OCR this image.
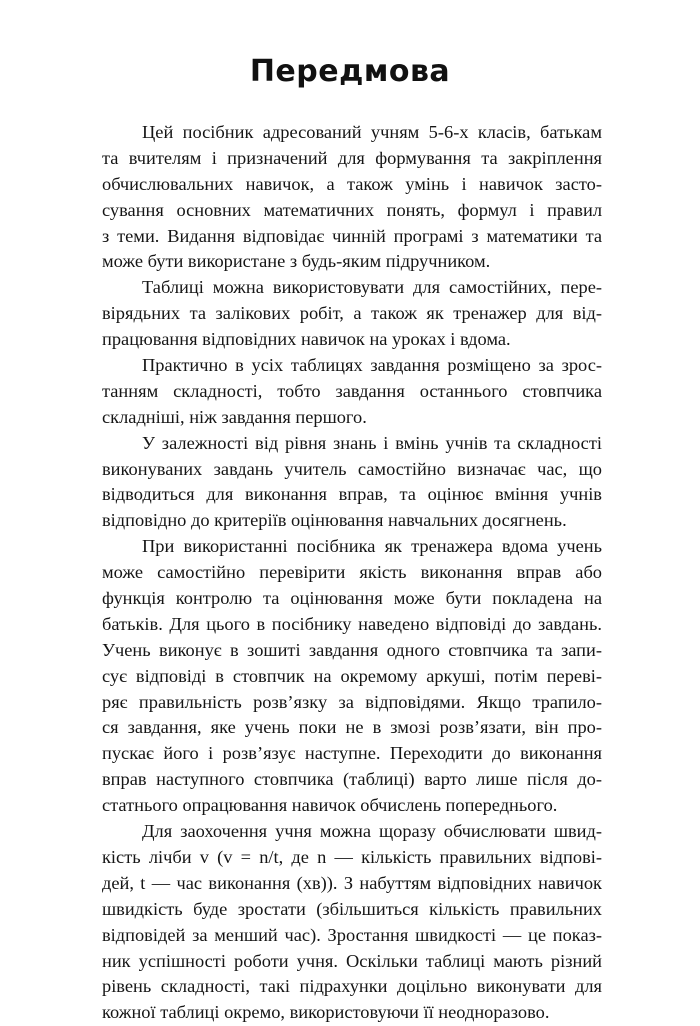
Передмова

Цей посібник адресований учням 5-6-х класів, батькам
та вчителям і призначений для формування та закріплення
обчислювальних навичок, а також умінь і навичок засто-
сування основних математичних понять, формул і правил
з теми. Видання відповідає чинній програмі з математики та
може бути використане з будь-яким підручником.

Таблиці можна використовувати для самостійних, пере-
вірядьних та залікових робіт, а також як тренажер для від-
працювання відповідних навичок на уроках і вдома.

Практично в усіх таблицях завдання розміщено за зрос-
танням складності, тобто завдання останнього стовпчика
складніші, ніж завдання першого.

У залежності від рівня знань і вмінь учнів та складності
виконуваних завдань учитель самостійно визначає час, що
відводиться для виконання вправ, та оцінює вміння учнів
відповідно до критеріїв оцінювання навчальних досягнень.

При використанні посібника як тренажера вдома учень
може самостійно перевірити якість виконання вправ або
функція контролю та оцінювання може бути покладена на
батьків. Для цього в посібнику наведено відповіді до завдань.
Учень виконує в зошиті завдання одного стовпчика та запи-
сує відповіді в стовпчик на окремому аркуші, потім переві-
ряє правильність розв’язку за відповідями. Якщо трапило-
ся завдання, яке учень поки не в змозі розв’язати, він про-
пускає його і розв’язує наступне. Переходити до виконання
вправ наступного стовпчика (таблиці) варто лише після до-
статнього опрацювання навичок обчислень попереднього.

Для заохочення учня можна щоразу обчислювати швид-
кість лічби v (v = n/t, де n — кількість правильних відпові-
дей, t — час виконання (хв)). З набуттям відповідних навичок
швидкість буде зростати (збільшиться кількість правильних
відповідей за менший час). Зростання швидкості — це показ-
ник успішності роботи учня. Оскільки таблиці мають різний
рівень складності, такі підрахунки доцільно виконувати для
кожної таблиці окремо, використовуючи її неодноразово.
